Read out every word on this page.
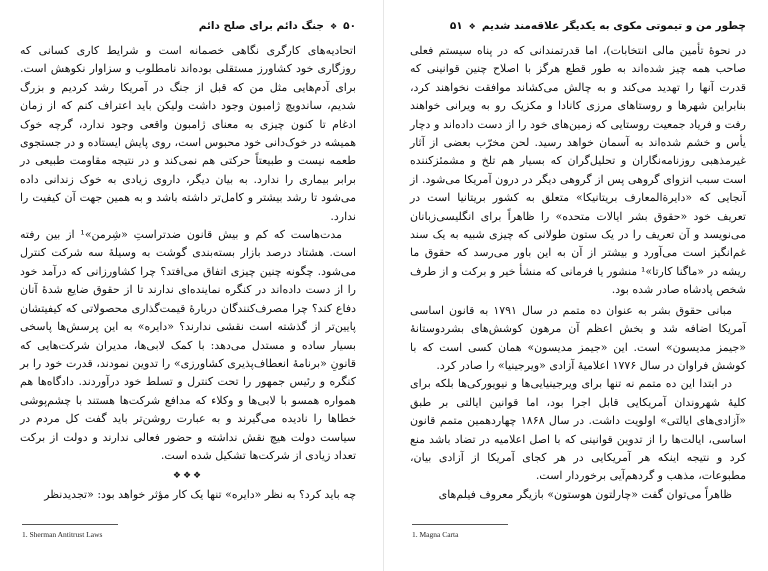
۵۰
❖
جنگ دائم برای صلح دائم

اتحادیه‌های کارگری نگاهی خصمانه است و شرایط کاری کسانی که روزگاری خود کشاورز مستقلی بوده‌اند نامطلوب و سزاوار نکوهش است. برای آدم‌هایی مثل من که قبل از جنگ در آمریکا رشد کردیم و بزرگ شدیم، ساندویچ ژامبون وجود داشت ولیکن باید اعتراف کنم که از زمان ادغام تا کنون چیزی به معنای ژامبون واقعی وجود ندارد، گرچه خوک همیشه در خوک‌دانی خود محبوس است، روی پایش ایستاده و در جستجوی طعمه نیست و طبیعتاً حرکتی هم نمی‌کند و در نتیجه مقاومت طبیعی در برابر بیماری را ندارد. به بیان دیگر، داروی زیادی به خوک زندانی داده می‌شود تا رشد بیشتر و کامل‌تر داشته باشد و به همین جهت آن کیفیت را ندارد.

مدت‌هاست که کم و بیش قانون ضدتراستِ «شِرمن»¹ از بین رفته است. هشتاد درصد بازار بسته‌بندی گوشت به وسیلهٔ سه شرکت کنترل می‌شود. چگونه چنین چیزی اتفاق می‌افتد؟ چرا کشاورزانی که درآمد خود را از دست داده‌اند در کنگره نماینده‌ای ندارند تا از حقوق ضایع شدهٔ آنان دفاع کند؟ چرا مصرف‌کنندگان دربارهٔ قیمت‌گذاری محصولاتی که کیفیتشان پایین‌تر از گذشته است نقشی ندارند؟ «دایره» به این پرسش‌ها پاسخی بسیار ساده و مستدل می‌دهد: با کمک لابی‌ها، مدیران شرکت‌هایی که قانونِ «برنامهٔ انعطاف‌پذیری کشاورزی» را تدوین نمودند، قدرت خود را بر کنگره و رئیس جمهور را تحت کنترل و تسلط خود درآوردند. دادگاه‌ها هم همواره همسو با لابی‌ها و وکلاء که مدافع شرکت‌ها هستند با چشم‌پوشی خطاها را نادیده می‌گیرند و به عبارت روشن‌تر باید گفت کل مردم در سیاست دولت هیچ نقش نداشته و حضور فعالی ندارند و دولت از برکت تعداد زیادی از شرکت‌ها تشکیل شده است.

❖❖❖

چه باید کرد؟ به نظر «دایره» تنها یک کار مؤثر خواهد بود: «تجدیدنظر

1. Sherman Antitrust Laws
چطور من و تیموتی مکوی به یکدیگر علاقه‌مند شدیم
❖
۵۱

در نحوهٔ تأمین مالی انتخابات)، اما قدرتمندانی که در پناه سیستم فعلی صاحب همه چیز شده‌اند به طور قطع هرگز با اصلاح چنین قوانینی که قدرت آنها را تهدید می‌کند و به چالش می‌کشاند موافقت نخواهند کرد، بنابراین شهرها و روستاهای مرزی کانادا و مکزیک رو به ویرانی خواهند رفت و فریاد جمعیت روستایی که زمین‌های خود را از دست داده‌اند و دچار یأس و خشم شده‌اند به آسمان خواهد رسید. لحن مخرّب بعضی از آثار غیرمذهبی روزنامه‌نگاران و تحلیل‌گران که بسیار هم تلخ و مشمئزکننده است سبب انزوای گروهی پس از گروهی دیگر در درون آمریکا می‌شود. از آنجایی که «دایرةالمعارف بریتانیکا» متعلق به کشور بریتانیا است در تعریف خود «حقوق بشر ایالات متحده» را ظاهراً برای انگلیسی‌زبانان می‌نویسد و آن تعریف را در یک ستون طولانی که چیزی شبیه به یک سند غم‌انگیز است می‌آورد و بیشتر از آن به این باور می‌رسد که حقوق ما ریشه در «ماگنا کارتا»¹ منشور یا فرمانی که منشأ خیر و برکت و از طرف شخص پادشاه صادر شده بود.

مبانی حقوق بشر به عنوان ده متمم در سال ۱۷۹۱ به قانون اساسی آمریکا اضافه شد و بخش اعظم آن مرهون کوشش‌های بشردوستانهٔ «جیمز مدیسون» است. این «جیمز مدیسون» همان کسی است که با کوشش فراوان در سال ۱۷۷۶ اعلامیهٔ آزادی «ویرجینیا» را صادر کرد.

در ابتدا این ده متمم نه تنها برای ویرجینیایی‌ها و نیویورکی‌ها بلکه برای کلیهٔ شهروندان آمریکایی قابل اجرا بود، اما قوانین ایالتی بر طبق «آزادی‌های ایالتی» اولویت داشت. در سال ۱۸۶۸ چهاردهمین متمم قانون اساسی، ایالت‌ها را از تدوین قوانینی که با اصل اعلامیه در تضاد باشد منع کرد و نتیجه اینکه هر آمریکایی در هر کجای آمریکا از آزادی بیان، مطبوعات، مذهب و گردهم‌آیی برخوردار است.

ظاهراً می‌توان گفت «چارلتون هوستون» بازیگر معروف فیلم‌های

1. Magna Carta
